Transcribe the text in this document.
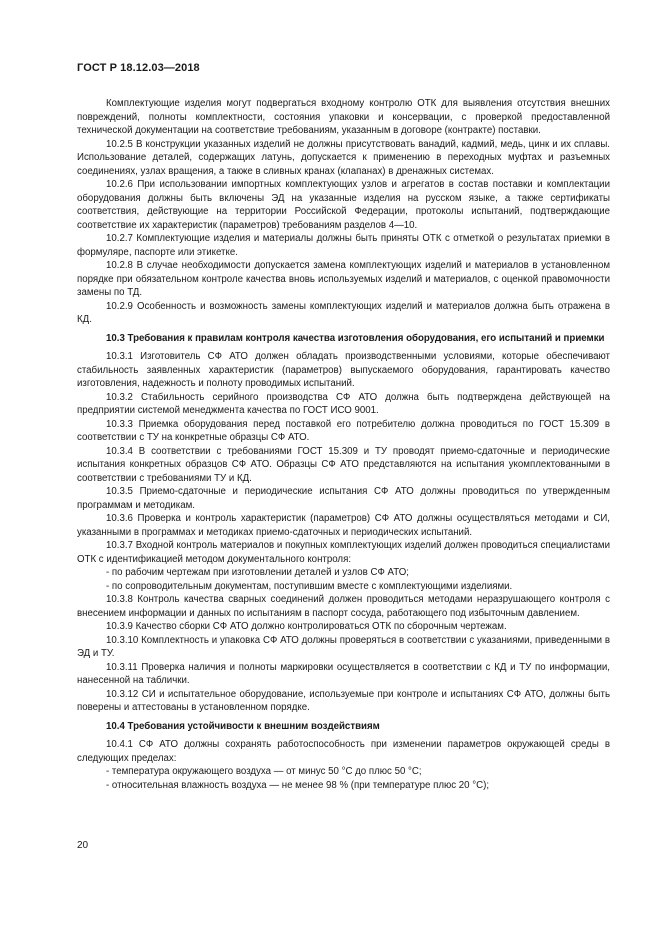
ГОСТ Р 18.12.03—2018

Комплектующие изделия могут подвергаться входному контролю ОТК для выявления отсутствия внешних повреждений, полноты комплектности, состояния упаковки и консервации, с проверкой предоставленной технической документации на соответствие требованиям, указанным в договоре (контракте) поставки.

10.2.5 В конструкции указанных изделий не должны присутствовать ванадий, кадмий, медь, цинк и их сплавы. Использование деталей, содержащих латунь, допускается к применению в переходных муфтах и разъемных соединениях, узлах вращения, а также в сливных кранах (клапанах) в дренажных системах.

10.2.6 При использовании импортных комплектующих узлов и агрегатов в состав поставки и комплектации оборудования должны быть включены ЭД на указанные изделия на русском языке, а также сертификаты соответствия, действующие на территории Российской Федерации, протоколы испытаний, подтверждающие соответствие их характеристик (параметров) требованиям разделов 4—10.

10.2.7 Комплектующие изделия и материалы должны быть приняты ОТК с отметкой о результатах приемки в формуляре, паспорте или этикетке.

10.2.8 В случае необходимости допускается замена комплектующих изделий и материалов в установленном порядке при обязательном контроле качества вновь используемых изделий и материалов, с оценкой правомочности замены по ТД.

10.2.9 Особенность и возможность замены комплектующих изделий и материалов должна быть отражена в КД.

10.3 Требования к правилам контроля качества изготовления оборудования, его испытаний и приемки

10.3.1 Изготовитель СФ АТО должен обладать производственными условиями, которые обеспечивают стабильность заявленных характеристик (параметров) выпускаемого оборудования, гарантировать качество изготовления, надежность и полноту проводимых испытаний.

10.3.2 Стабильность серийного производства СФ АТО должна быть подтверждена действующей на предприятии системой менеджмента качества по ГОСТ ИСО 9001.

10.3.3 Приемка оборудования перед поставкой его потребителю должна проводиться по ГОСТ 15.309 в соответствии с ТУ на конкретные образцы СФ АТО.

10.3.4 В соответствии с требованиями ГОСТ 15.309 и ТУ проводят приемо-сдаточные и периодические испытания конкретных образцов СФ АТО. Образцы СФ АТО представляются на испытания укомплектованными в соответствии с требованиями ТУ и КД.

10.3.5 Приемо-сдаточные и периодические испытания СФ АТО должны проводиться по утвержденным программам и методикам.

10.3.6 Проверка и контроль характеристик (параметров) СФ АТО должны осуществляться методами и СИ, указанными в программах и методиках приемо-сдаточных и периодических испытаний.

10.3.7 Входной контроль материалов и покупных комплектующих изделий должен проводиться специалистами ОТК с идентификацией методом документального контроля:

- по рабочим чертежам при изготовлении деталей и узлов СФ АТО;

- по сопроводительным документам, поступившим вместе с комплектующими изделиями.

10.3.8 Контроль качества сварных соединений должен проводиться методами неразрушающего контроля с внесением информации и данных по испытаниям в паспорт сосуда, работающего под избыточным давлением.

10.3.9 Качество сборки СФ АТО должно контролироваться ОТК по сборочным чертежам.

10.3.10 Комплектность и упаковка СФ АТО должны проверяться в соответствии с указаниями, приведенными в ЭД и ТУ.

10.3.11 Проверка наличия и полноты маркировки осуществляется в соответствии с КД и ТУ по информации, нанесенной на таблички.

10.3.12 СИ и испытательное оборудование, используемые при контроле и испытаниях СФ АТО, должны быть поверены и аттестованы в установленном порядке.

10.4 Требования устойчивости к внешним воздействиям

10.4.1 СФ АТО должны сохранять работоспособность при изменении параметров окружающей среды в следующих пределах:

- температура окружающего воздуха — от минус 50 °С до плюс 50 °С;

- относительная влажность воздуха — не менее 98 % (при температуре плюс 20 °С);

20
